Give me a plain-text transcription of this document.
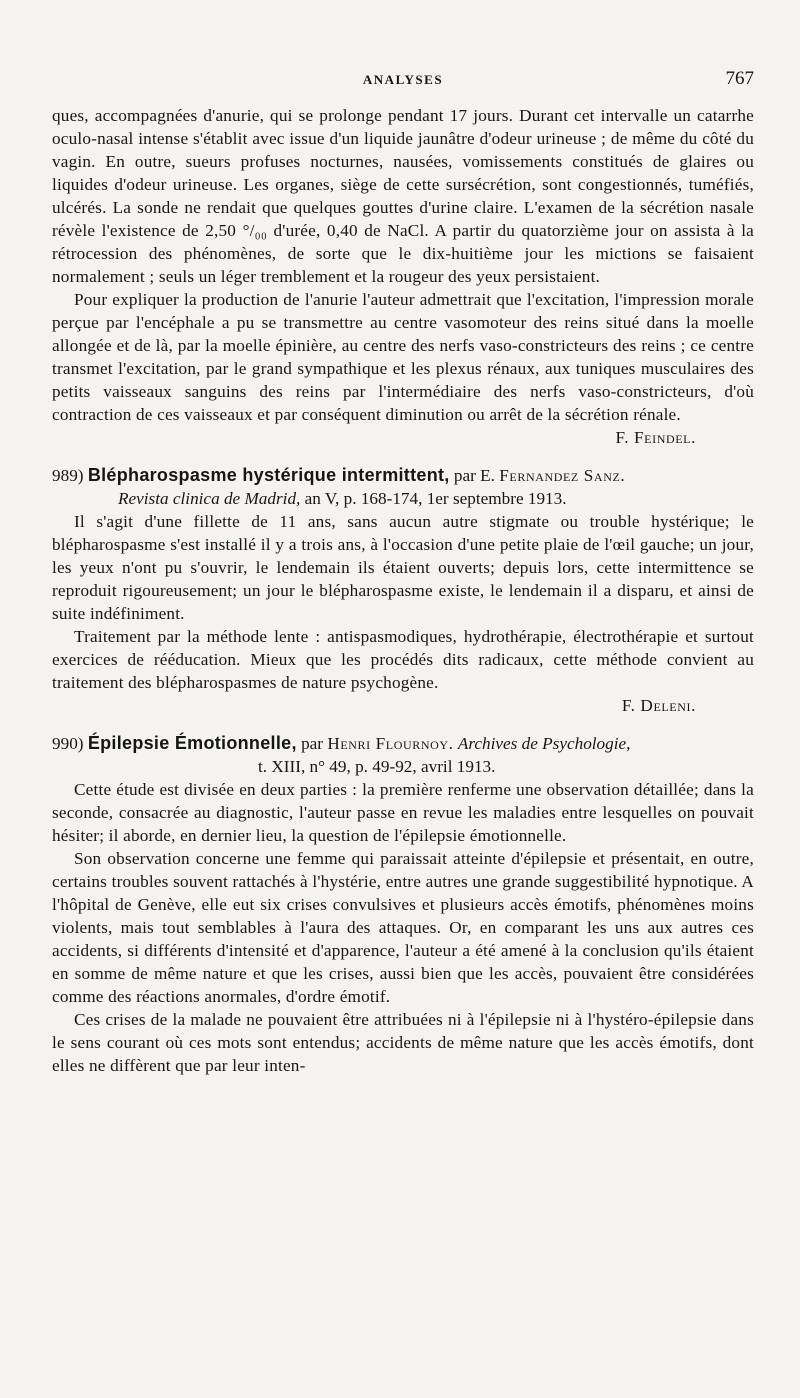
ANALYSES	767

ques, accompagnées d'anurie, qui se prolonge pendant 17 jours. Durant cet intervalle un catarrhe oculo-nasal intense s'établit avec issue d'un liquide jaunâtre d'odeur urineuse ; de même du côté du vagin. En outre, sueurs profuses nocturnes, nausées, vomissements constitués de glaires ou liquides d'odeur urineuse. Les organes, siège de cette sursécrétion, sont congestionnés, tuméfiés, ulcérés. La sonde ne rendait que quelques gouttes d'urine claire. L'examen de la sécrétion nasale révèle l'existence de 2,50 °/₀₀ d'urée, 0,40 de NaCl. A partir du quatorzième jour on assista à la rétrocession des phénomènes, de sorte que le dix-huitième jour les mictions se faisaient normalement ; seuls un léger tremblement et la rougeur des yeux persistaient.

Pour expliquer la production de l'anurie l'auteur admettrait que l'excitation, l'impression morale perçue par l'encéphale a pu se transmettre au centre vasomoteur des reins situé dans la moelle allongée et de là, par la moelle épinière, au centre des nerfs vaso-constricteurs des reins ; ce centre transmet l'excitation, par le grand sympathique et les plexus rénaux, aux tuniques musculaires des petits vaisseaux sanguins des reins par l'intermédiaire des nerfs vaso-constricteurs, d'où contraction de ces vaisseaux et par conséquent diminution ou arrêt de la sécrétion rénale.

F. Feindel.

989) Blépharospasme hystérique intermittent, par E. Fernandez Sanz.
Revista clinica de Madrid, an V, p. 168-174, 1er septembre 1913.

Il s'agit d'une fillette de 11 ans, sans aucun autre stigmate ou trouble hystérique; le blépharospasme s'est installé il y a trois ans, à l'occasion d'une petite plaie de l'œil gauche; un jour, les yeux n'ont pu s'ouvrir, le lendemain ils étaient ouverts; depuis lors, cette intermittence se reproduit rigoureusement; un jour le blépharospasme existe, le lendemain il a disparu, et ainsi de suite indéfiniment.

Traitement par la méthode lente : antispasmodiques, hydrothérapie, électrothérapie et surtout exercices de rééducation. Mieux que les procédés dits radicaux, cette méthode convient au traitement des blépharospasmes de nature psychogène.

F. Deleni.

990) Épilepsie Émotionnelle, par Henri Flournoy. Archives de Psychologie,
t. XIII, n° 49, p. 49-92, avril 1913.

Cette étude est divisée en deux parties : la première renferme une observation détaillée; dans la seconde, consacrée au diagnostic, l'auteur passe en revue les maladies entre lesquelles on pouvait hésiter; il aborde, en dernier lieu, la question de l'épilepsie émotionnelle.

Son observation concerne une femme qui paraissait atteinte d'épilepsie et présentait, en outre, certains troubles souvent rattachés à l'hystérie, entre autres une grande suggestibilité hypnotique. A l'hôpital de Genève, elle eut six crises convulsives et plusieurs accès émotifs, phénomènes moins violents, mais tout semblables à l'aura des attaques. Or, en comparant les uns aux autres ces accidents, si différents d'intensité et d'apparence, l'auteur a été amené à la conclusion qu'ils étaient en somme de même nature et que les crises, aussi bien que les accès, pouvaient être considérées comme des réactions anormales, d'ordre émotif.

Ces crises de la malade ne pouvaient être attribuées ni à l'épilepsie ni à l'hystéro-épilepsie dans le sens courant où ces mots sont entendus; accidents de même nature que les accès émotifs, dont elles ne diffèrent que par leur inten-
